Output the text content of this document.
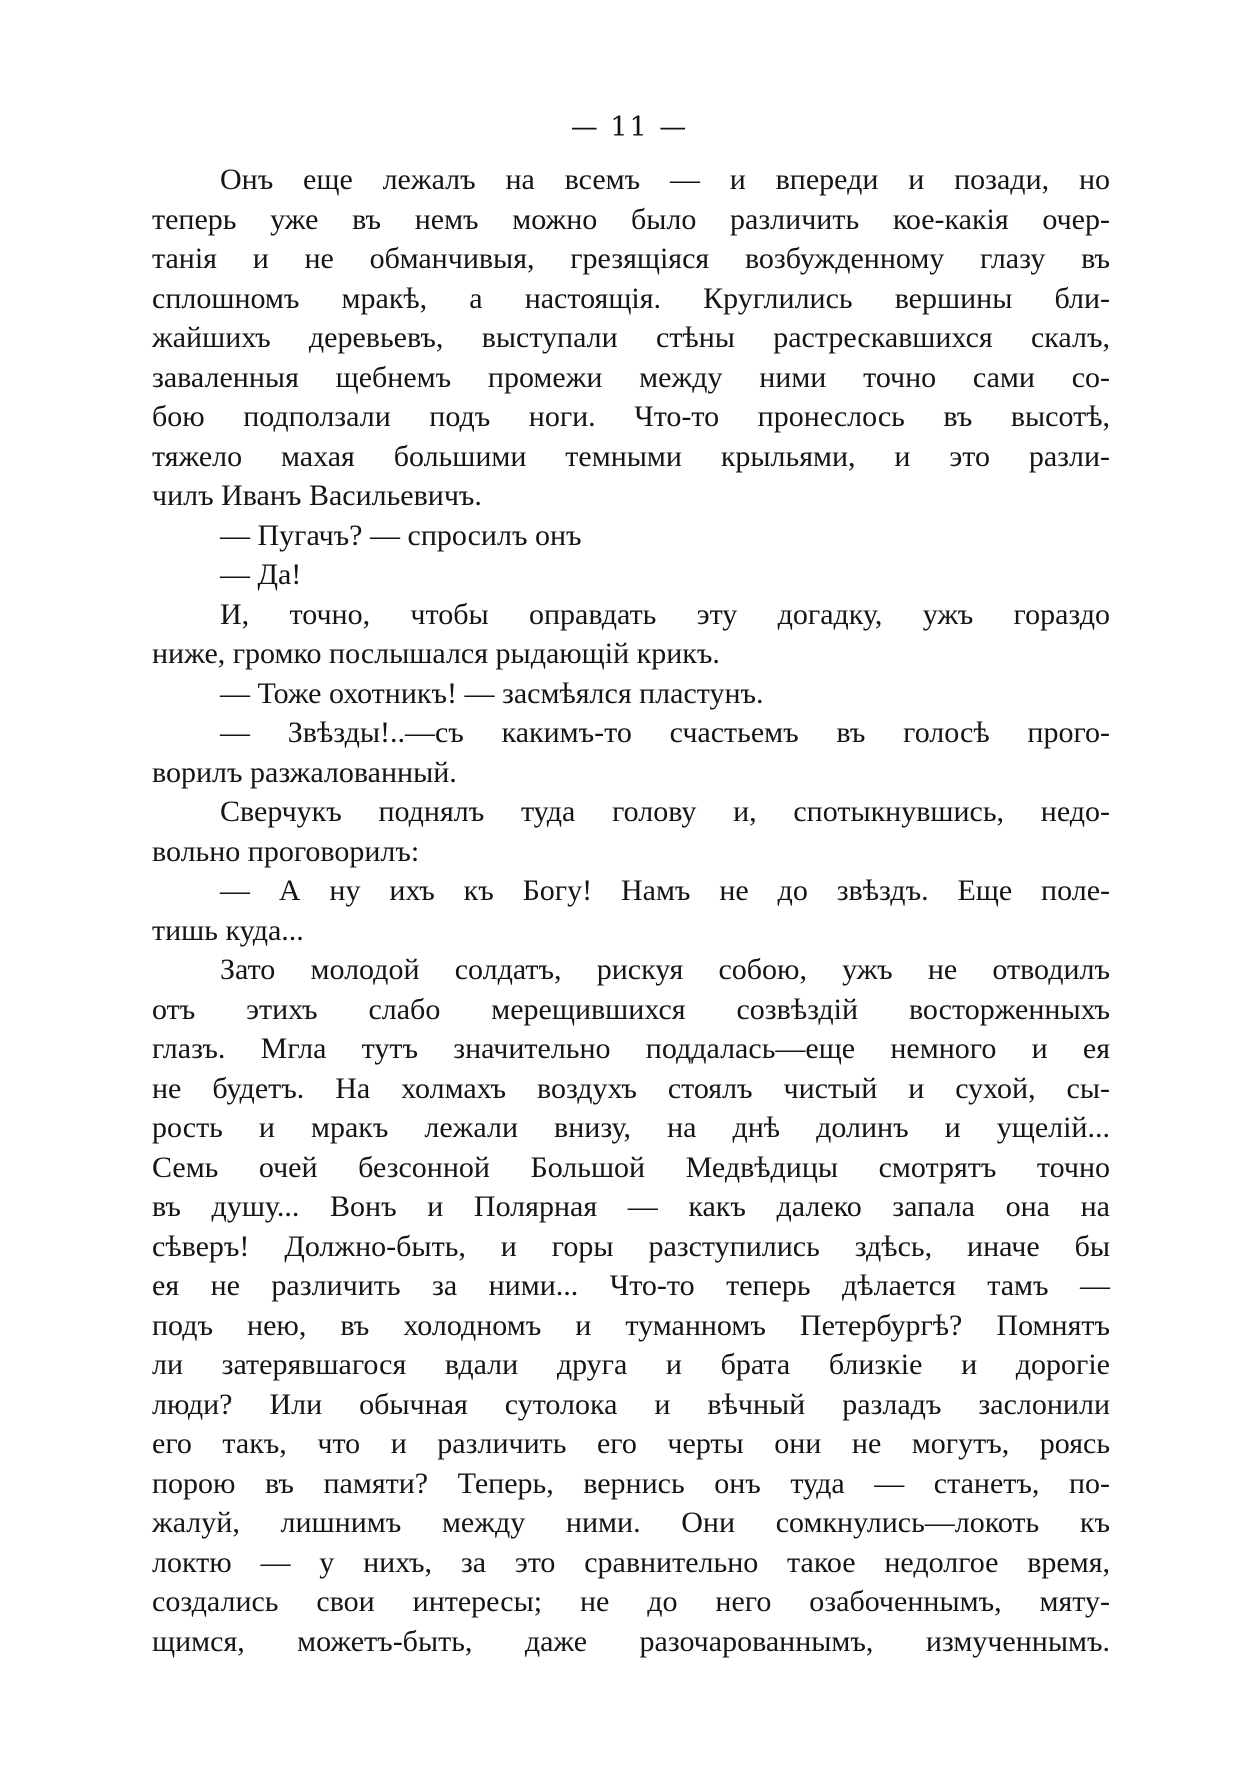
— 11 —
Онъ еще лежалъ на всемъ — и впереди и позади, но
теперь уже въ немъ можно было различить кое-какія очер-
танія и не обманчивыя, грезящіяся возбужденному глазу въ
сплошномъ мракѣ, а настоящія. Круглились вершины бли-
жайшихъ деревьевъ, выступали стѣны растрескавшихся скалъ,
заваленныя щебнемъ промежи между ними точно сами со-
бою подползали подъ ноги. Что-то пронеслось въ высотѣ,
тяжело махая большими темными крыльями, и это разли-
чилъ Иванъ Васильевичъ.
— Пугачъ? — спросилъ онъ
— Да!
И, точно, чтобы оправдать эту догадку, ужъ гораздо
ниже, громко послышался рыдающій крикъ.
— Тоже охотникъ! — засмѣялся пластунъ.
— Звѣзды!..—съ какимъ-то счастьемъ въ голосѣ прого-
ворилъ разжалованный.
Сверчукъ поднялъ туда голову и, спотыкнувшись, недо-
вольно проговорилъ:
— А ну ихъ къ Богу! Намъ не до звѣздъ. Еще поле-
тишь куда...
Зато молодой солдатъ, рискуя собою, ужъ не отводилъ
отъ этихъ слабо мерещившихся созвѣздій восторженныхъ
глазъ. Мгла тутъ значительно поддалась—еще немного и ея
не будетъ. На холмахъ воздухъ стоялъ чистый и сухой, сы-
рость и мракъ лежали внизу, на днѣ долинъ и ущелій...
Семь очей безсонной Большой Медвѣдицы смотрятъ точно
въ душу... Вонъ и Полярная — какъ далеко запала она на
сѣверъ! Должно-быть, и горы разступились здѣсь, иначе бы
ея не различить за ними... Что-то теперь дѣлается тамъ —
подъ нею, въ холодномъ и туманномъ Петербургѣ? Помнятъ
ли затерявшагося вдали друга и брата близкіе и дорогіе
люди? Или обычная сутолока и вѣчный разладъ заслонили
его такъ, что и различить его черты они не могутъ, роясь
порою въ памяти? Теперь, вернись онъ туда — станетъ, по-
жалуй, лишнимъ между ними. Они сомкнулись—локоть къ
локтю — у нихъ, за это сравнительно такое недолгое время,
создались свои интересы; не до него озабоченнымъ, мяту-
щимся, можетъ-быть, даже разочарованнымъ, измученнымъ.
